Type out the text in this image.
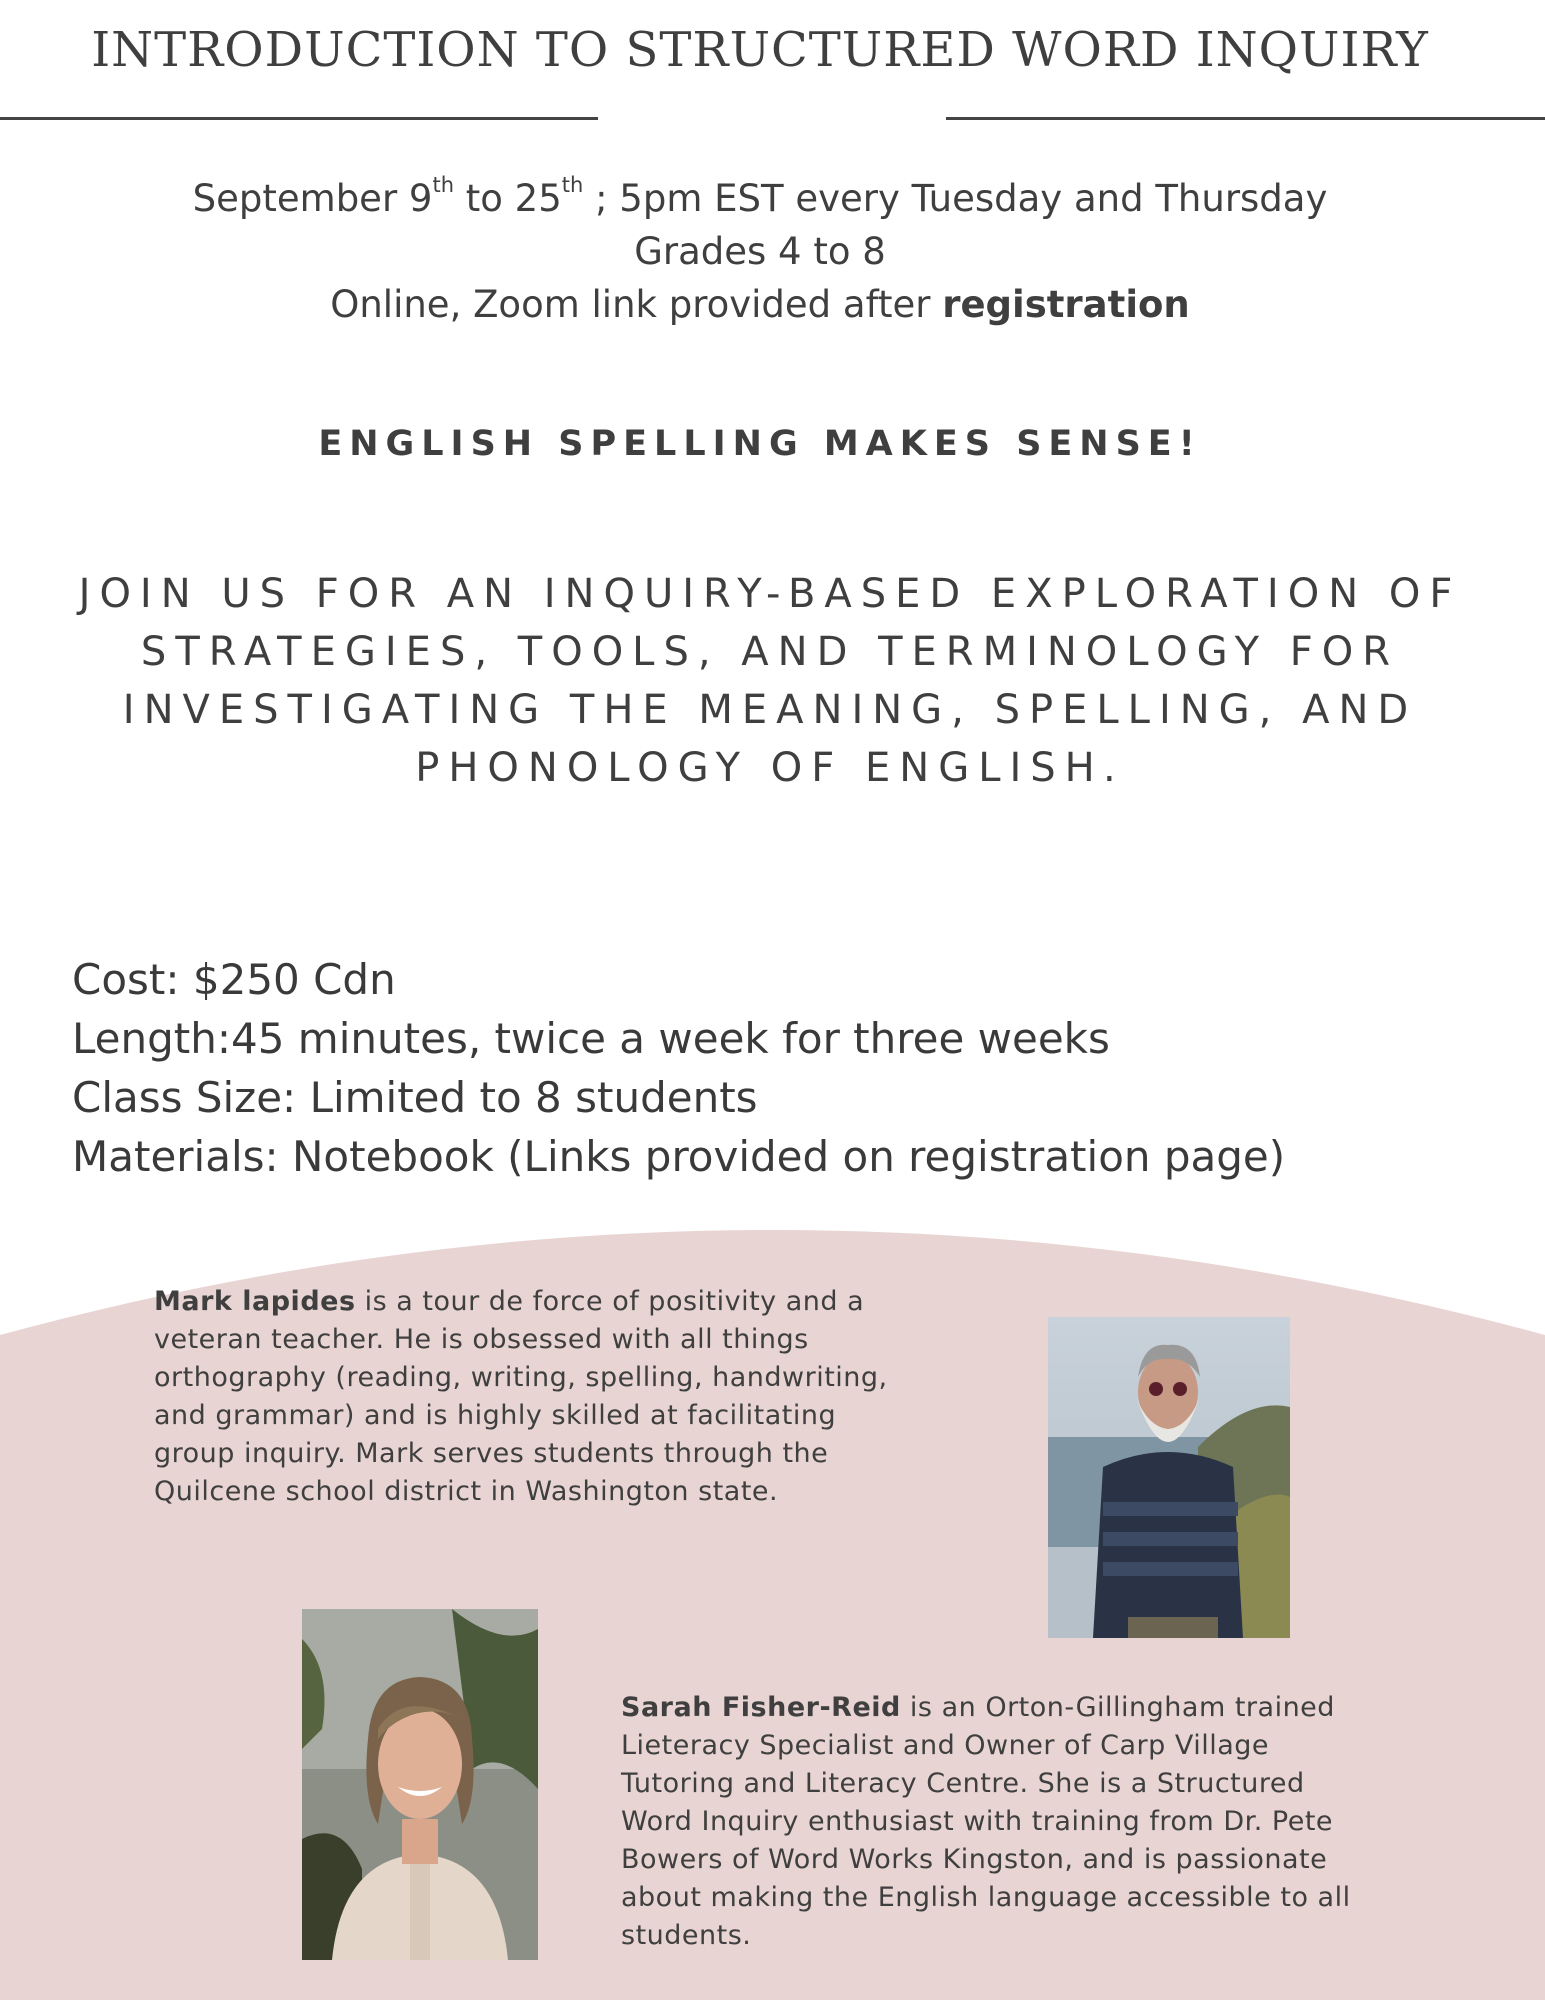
INTRODUCTION TO STRUCTURED WORD INQUIRY
September 9th to 25th ; 5pm EST every Tuesday and Thursday
Grades 4 to 8
Online, Zoom link provided after registration
ENGLISH SPELLING MAKES SENSE!
JOIN US FOR AN INQUIRY-BASED EXPLORATION OF
STRATEGIES, TOOLS, AND TERMINOLOGY FOR
INVESTIGATING THE MEANING, SPELLING, AND
PHONOLOGY OF ENGLISH.
Cost: $250 Cdn
Length:45 minutes, twice a week for three weeks
Class Size: Limited to 8 students
Materials: Notebook (Links provided on registration page)
Mark lapides is a tour de force of positivity and a veteran teacher. He is obsessed with all things orthography (reading, writing, spelling, handwriting, and grammar) and is highly skilled at facilitating group inquiry. Mark serves students through the Quilcene school district in Washington state.
Sarah Fisher-Reid is an Orton-Gillingham trained Lieteracy Specialist and Owner of Carp Village Tutoring and Literacy Centre. She is a Structured Word Inquiry enthusiast with training from Dr. Pete Bowers of Word Works Kingston, and is passionate about making the English language accessible to all students.
